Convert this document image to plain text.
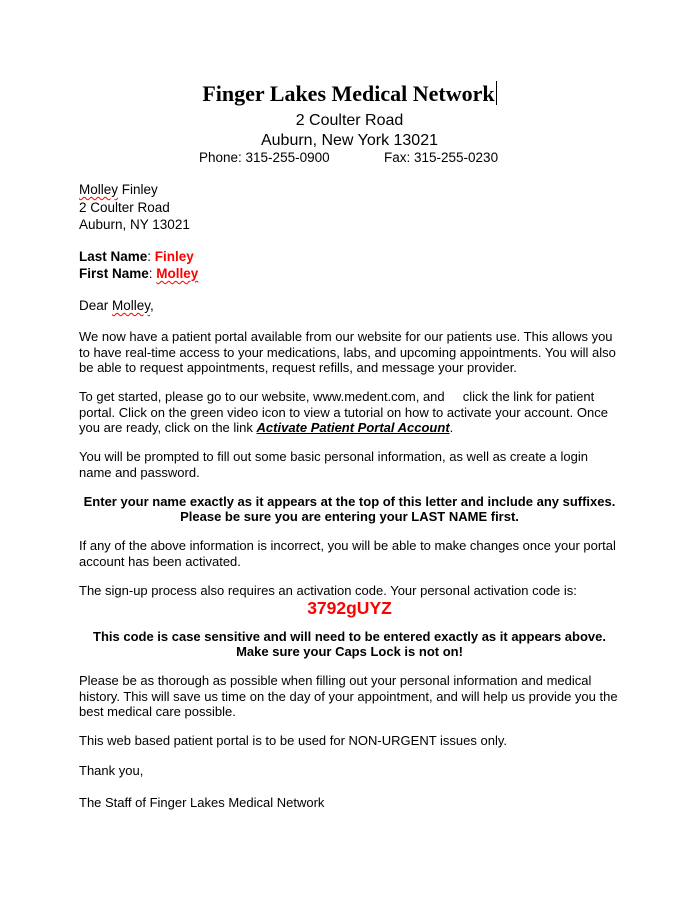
Finger Lakes Medical Network
2 Coulter Road
Auburn, New York 13021
Phone: 315-255-0900	Fax: 315-255-0230
Molley Finley
2 Coulter Road
Auburn, NY 13021
Last Name: Finley
First Name: Molley
Dear Molley,
We now have a patient portal available from our website for our patients use. This allows you to have real-time access to your medications, labs, and upcoming appointments. You will also be able to request appointments, request refills, and message your provider.
To get started, please go to our website, www.medent.com, and click the link for patient portal. Click on the green video icon to view a tutorial on how to activate your account. Once you are ready, click on the link Activate Patient Portal Account.
You will be prompted to fill out some basic personal information, as well as create a login name and password.
Enter your name exactly as it appears at the top of this letter and include any suffixes.
Please be sure you are entering your LAST NAME first.
If any of the above information is incorrect, you will be able to make changes once your portal account has been activated.
The sign-up process also requires an activation code. Your personal activation code is:
3792gUYZ
This code is case sensitive and will need to be entered exactly as it appears above.
Make sure your Caps Lock is not on!
Please be as thorough as possible when filling out your personal information and medical history. This will save us time on the day of your appointment, and will help us provide you the best medical care possible.
This web based patient portal is to be used for NON-URGENT issues only.
Thank you,
The Staff of Finger Lakes Medical Network
